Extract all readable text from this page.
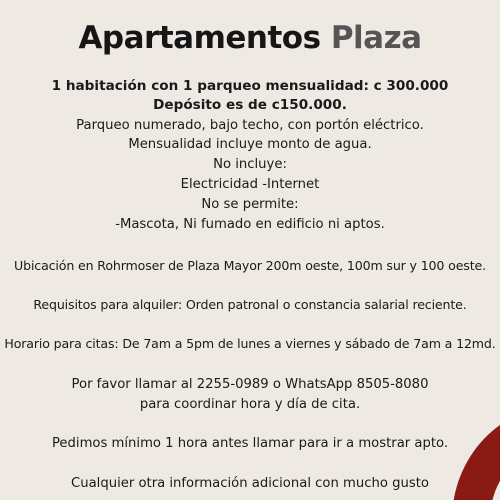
Apartamentos Plaza
1 habitación con 1 parqueo mensualidad: c 300.000
Depósito es de c150.000.
Parqueo numerado, bajo techo, con portón eléctrico.
Mensualidad incluye monto de agua.
No incluye:
Electricidad -Internet
No se permite:
-Mascota, Ni fumado en edificio ni aptos.
Ubicación en Rohrmoser de Plaza Mayor 200m oeste, 100m sur y 100 oeste.
Requisitos para alquiler: Orden patronal o constancia salarial reciente.
Horario para citas: De 7am a 5pm de lunes a viernes y sábado de 7am a 12md.
Por favor llamar al 2255-0989 o WhatsApp 8505-8080
para coordinar hora y día de cita.
Pedimos mínimo 1 hora antes llamar para ir a mostrar apto.
Cualquier otra información adicional con mucho gusto
